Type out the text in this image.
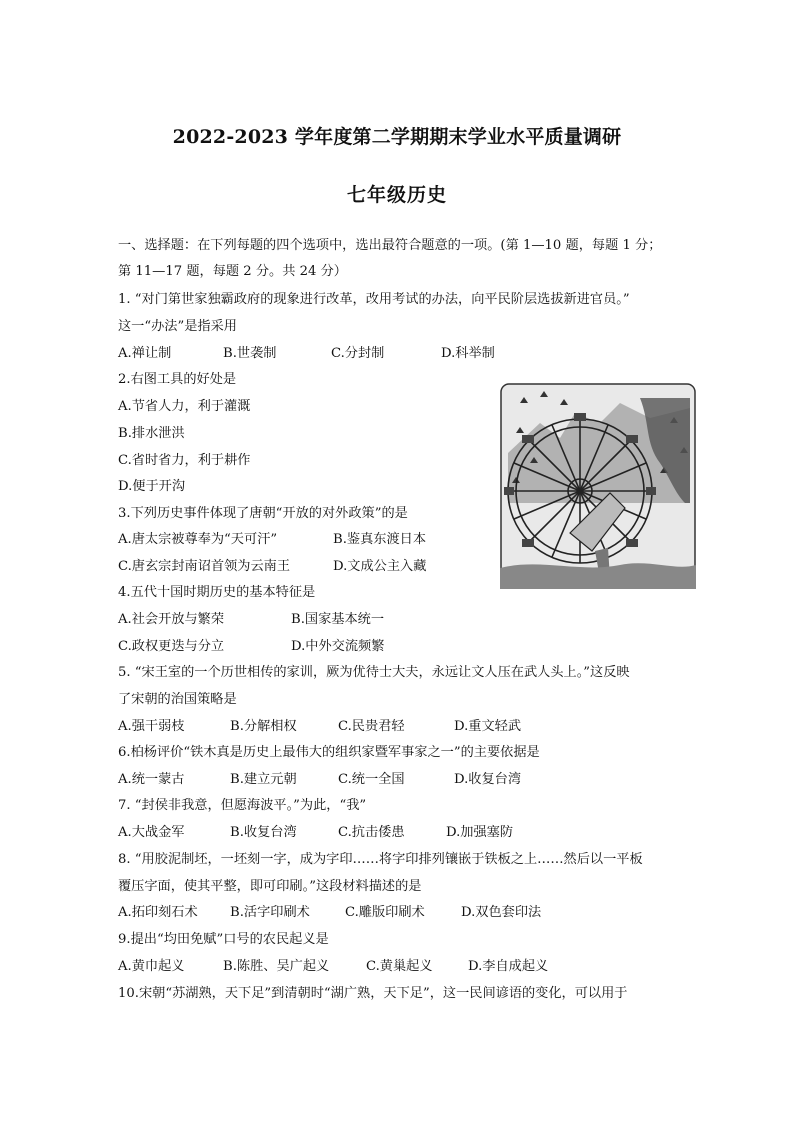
2022-2023 学年度第二学期期末学业水平质量调研
七年级历史
一、选择题：在下列每题的四个选项中，选出最符合题意的一项。(第 1—10 题，每题 1 分；
第 11—17 题，每题 2 分。共 24 分）
1. “对门第世家独霸政府的现象进行改革，改用考试的办法，向平民阶层选拔新进官员。”
这一“办法”是指采用
A.禅让制	B.世袭制	C.分封制	D.科举制
2.右图工具的好处是
A.节省人力，利于灌溉
B.排水泄洪
C.省时省力，利于耕作
D.便于开沟
3.下列历史事件体现了唐朝“开放的对外政策”的是
A.唐太宗被尊奉为“天可汗”	B.鉴真东渡日本
C.唐玄宗封南诏首领为云南王	D.文成公主入藏
4.五代十国时期历史的基本特征是
A.社会开放与繁荣	B.国家基本统一
C.政权更迭与分立	D.中外交流频繁
5. “宋王室的一个历世相传的家训，厥为优待士大夫，永远让文人压在武人头上。”这反映
了宋朝的治国策略是
A.强干弱枝	B.分解相权	C.民贵君轻	D.重文轻武
6.柏杨评价“铁木真是历史上最伟大的组织家暨军事家之一”的主要依据是
A.统一蒙古	B.建立元朝	C.统一全国	D.收复台湾
7. “封侯非我意，但愿海波平。”为此，“我”
A.大战金军	B.收复台湾	C.抗击倭患	D.加强塞防
8. “用胶泥制坯，一坯刻一字，成为字印……将字印排列镶嵌于铁板之上……然后以一平板
覆压字面，使其平整，即可印刷。”这段材料描述的是
A.拓印刻石术 B.活字印刷术	C.雕版印刷术	D.双色套印法
9.提出“均田免赋”口号的农民起义是
A.黄巾起义	B.陈胜、吴广起义	C.黄巢起义	D.李自成起义
10.宋朝“苏湖熟，天下足”到清朝时“湖广熟，天下足”，这一民间谚语的变化，可以用于
